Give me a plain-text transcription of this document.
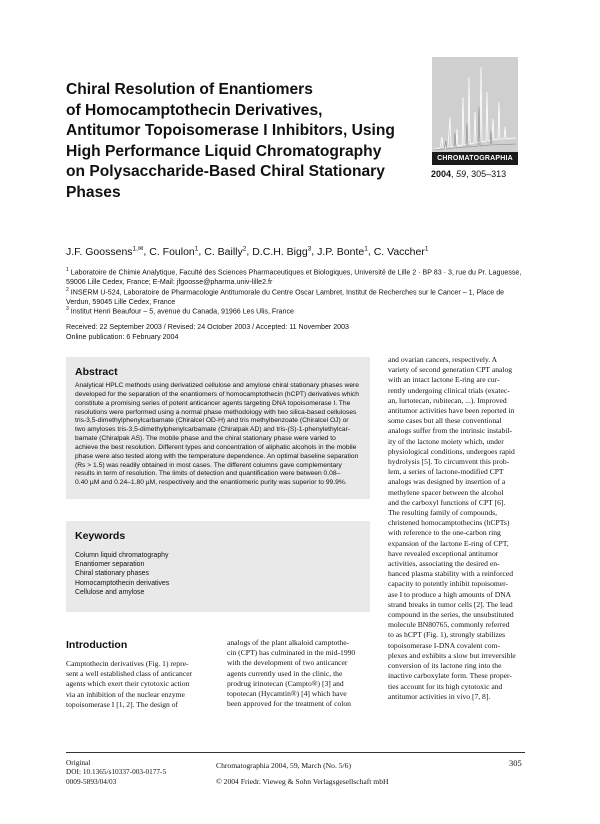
Chiral Resolution of Enantiomers
of Homocamptothecin Derivatives,
Antitumor Topoisomerase I Inhibitors, Using
High Performance Liquid Chromatography
on Polysaccharide-Based Chiral Stationary
Phases
CHROMATOGRAPHIA
2004, 59, 305–313
J.F. Goossens$^{1,✉}$, C. Foulon$^1$, C. Bailly$^2$, D.C.H. Bigg$^3$, J.P. Bonte$^1$, C. Vaccher$^1$
$^1$ Laboratoire de Chimie Analytique, Faculté des Sciences Pharmaceutiques et Biologiques, Université de Lille 2 · BP 83 · 3, rue du Pr. Laguesse,
59006 Lille Cedex, France; E-Mail: jfgoosse@pharma.univ-lille2.fr
$^2$ INSERM U-524, Laboratoire de Pharmacologie Antitumorale du Centre Oscar Lambret, Institut de Recherches sur le Cancer – 1, Place de
Verdun, 59045 Lille Cedex, France
$^3$ Institut Henri Beaufour – 5, avenue du Canada, 91966 Les Ulis, France
Received: 22 September 2003 / Revised: 24 October 2003 / Accepted: 11 November 2003
Online publication: 6 February 2004
Abstract
Analytical HPLC methods using derivatized cellulose and amylose chiral stationary phases were
developed for the separation of the enantiomers of homocamptothecin (hCPT) derivatives which
constitute a promising series of potent anticancer agents targeting DNA topoisomerase I. The
resolutions were performed using a normal phase methodology with two silica-based celluloses
tris-3,5-dimethylphenylcarbamate (Chiralcel OD-H) and tris methylbenzoate (Chiralcel OJ) or
two amyloses tris-3,5-dimethylphenylcarbamate (Chiralpak AD) and tris-(S)-1-phenylethylcar-
bamate (Chiralpak AS). The mobile phase and the chiral stationary phase were varied to
achieve the best resolution. Different types and concentration of aliphatic alcohols in the mobile
phase were also tested along with the temperature dependence. An optimal baseline separation
(Rs > 1.5) was readily obtained in most cases. The different columns gave complementary
results in term of resolution. The limits of detection and quantification were between 0.08–
0.40 µM and 0.24–1.80 µM, respectively and the enantiomeric purity was superior to 99.9%.
Keywords
Column liquid chromatography
Enantiomer separation
Chiral stationary phases
Homocamptothecin derivatives
Cellulose and amylose
Introduction
Camptothecin derivatives (Fig. 1) repre-
sent a well established class of anticancer
agents which exert their cytotoxic action
via an inhibition of the nuclear enzyme
topoisomerase I [1, 2]. The design of
analogs of the plant alkaloid camptothe-
cin (CPT) has culminated in the mid-1990
with the development of two anticancer
agents currently used in the clinic, the
prodrug irinotecan (Campto®) [3] and
topotecan (Hycamtin®) [4] which have
been approved for the treatment of colon
and ovarian cancers, respectively. A
variety of second generation CPT analog
with an intact lactone E-ring are cur-
rently undergoing clinical trials (exatec-
an, lurtotecan, rubitecan, ...). Improved
antitumor activities have been reported in
some cases but all these conventional
analogs suffer from the intrinsic instabil-
ity of the lactone moiety which, under
physiological conditions, undergoes rapid
hydrolysis [5]. To circumvent this prob-
lem, a series of lactone-modified CPT
analogs was designed by insertion of a
methylene spacer between the alcohol
and the carboxyl functions of CPT [6].
The resulting family of compounds,
christened homocamptothecins (hCPTs)
with reference to the one-carbon ring
expansion of the lactone E-ring of CPT,
have revealed exceptional antitumor
activities, associating the desired en-
hanced plasma stability with a reinforced
capacity to potently inhibit topoisomer-
ase I to produce a high amounts of DNA
strand breaks in tumor cells [2]. The lead
compound in the series, the unsubstituted
molecule BN80765, commonly referred
to as hCPT (Fig. 1), strongly stabilizes
topoisomerase I-DNA covalent com-
plexes and exhibits a slow but irreversible
conversion of its lactone ring into the
inactive carboxylate form. These proper-
ties account for its high cytotoxic and
antitumor activities in vivo [7, 8].
Original
DOI: 10.1365/s10337-003-0177-5
0009-5893/04/03
Chromatographia 2004, 59, March (No. 5/6)
© 2004 Friedr. Vieweg & Sohn Verlagsgesellschaft mbH
305
